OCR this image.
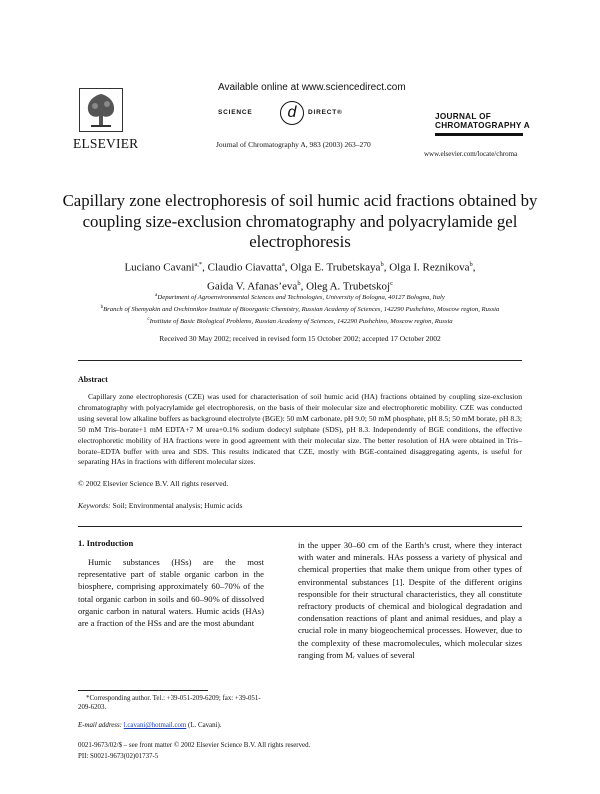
ELSEVIER
Available online at www.sciencedirect.com
SCIENCE	d	DIRECT®
Journal of Chromatography A, 983 (2003) 263–270
JOURNAL OF
CHROMATOGRAPHY A
www.elsevier.com/locate/chroma
Capillary zone electrophoresis of soil humic acid fractions obtained by coupling size-exclusion chromatography and polyacrylamide gel electrophoresis
Luciano Cavani$^{a,*}$, Claudio Ciavatta$^a$, Olga E. Trubetskaya$^b$, Olga I. Reznikova$^b$,
Gaida V. Afanas’eva$^b$, Oleg A. Trubetskoj$^c$
$^a$Department of Agroenvironmental Sciences and Technologies, University of Bologna, 40127 Bologna, Italy
$^b$Branch of Shemyakin and Ovchinnikov Institute of Bioorganic Chemistry, Russian Academy of Sciences, 142290 Pushchino, Moscow region, Russia
$^c$Institute of Basic Biological Problems, Russian Academy of Sciences, 142290 Pushchino, Moscow region, Russia
Received 30 May 2002; received in revised form 15 October 2002; accepted 17 October 2002
Abstract
Capillary zone electrophoresis (CZE) was used for characterisation of soil humic acid (HA) fractions obtained by coupling size-exclusion chromatography with polyacrylamide gel electrophoresis, on the basis of their molecular size and electrophoretic mobility. CZE was conducted using several low alkaline buffers as background electrolyte (BGE): 50 mM carbonate, pH 9.0; 50 mM phosphate, pH 8.5; 50 mM borate, pH 8.3; 50 mM Tris–borate+1 mM EDTA+7 M urea+0.1% sodium dodecyl sulphate (SDS), pH 8.3. Independently of BGE conditions, the effective electrophoretic mobility of HA fractions were in good agreement with their molecular size. The better resolution of HA were obtained in Tris–borate–EDTA buffer with urea and SDS. This results indicated that CZE, mostly with BGE-contained disaggregating agents, is useful for separating HAs in fractions with different molecular sizes.
© 2002 Elsevier Science B.V. All rights reserved.
Keywords: Soil; Environmental analysis; Humic acids
1. Introduction
Humic substances (HSs) are the most representative part of stable organic carbon in the biosphere, comprising approximately 60–70% of the total organic carbon in soils and 60–90% of dissolved organic carbon in natural waters. Humic acids (HAs) are a fraction of the HSs and are the most abundant
in the upper 30–60 cm of the Earth’s crust, where they interact with water and minerals. HAs possess a variety of physical and chemical properties that make them unique from other types of environmental substances [1]. Despite of the different origins responsible for their structural characteristics, they all constitute refractory products of chemical and biological degradation and condensation reactions of plant and animal residues, and play a crucial role in many biogeochemical processes. However, due to the complexity of these macromolecules, which molecular sizes ranging from Mᵣ values of several
*Corresponding author. Tel.: +39-051-209-6209; fax: +39-051-209-6203.
E-mail address: l.cavani@hotmail.com (L. Cavani).
0021-9673/02/$ – see front matter © 2002 Elsevier Science B.V. All rights reserved.
PII: S0021-9673(02)01737-5
